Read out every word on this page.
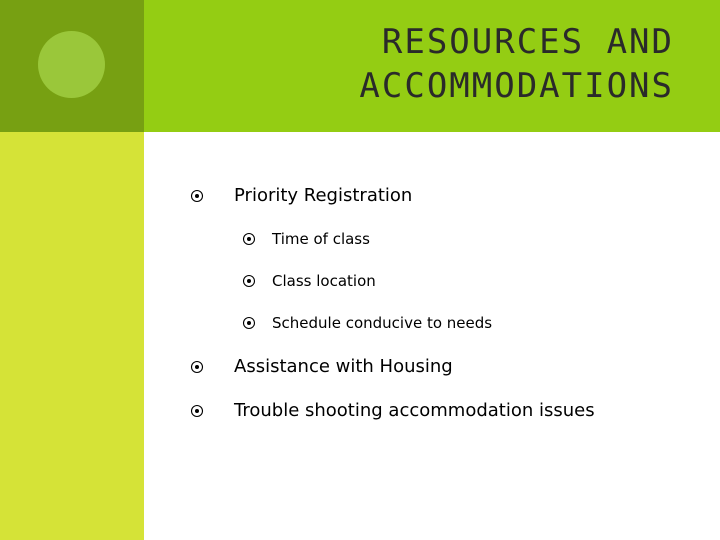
RESOURCES AND
ACCOMMODATIONS
Priority Registration
Time of class
Class location
Schedule conducive to needs
Assistance with Housing
Trouble shooting accommodation issues
